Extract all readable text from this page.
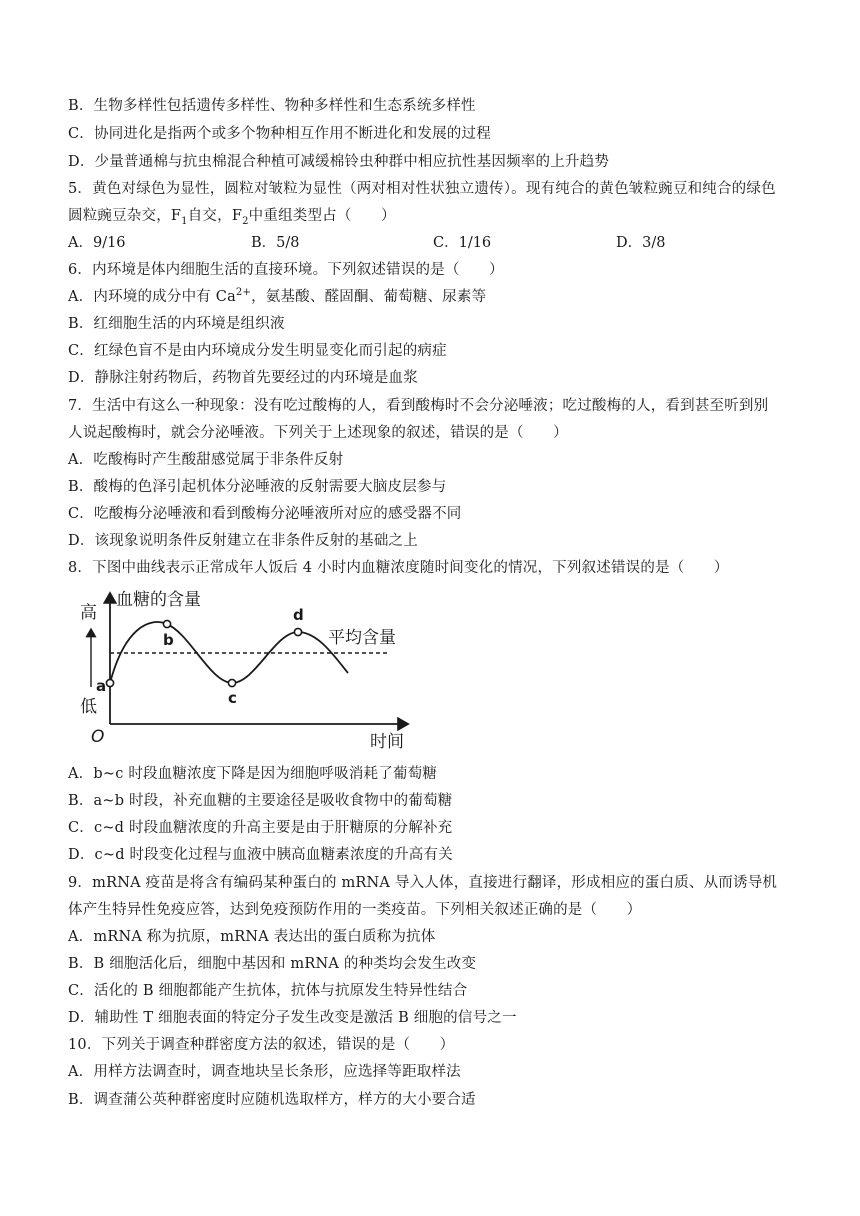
B．生物多样性包括遗传多样性、物种多样性和生态系统多样性
C．协同进化是指两个或多个物种相互作用不断进化和发展的过程
D．少量普通棉与抗虫棉混合种植可减缓棉铃虫种群中相应抗性基因频率的上升趋势
5．黄色对绿色为显性，圆粒对皱粒为显性（两对相对性状独立遗传）。现有纯合的黄色皱粒豌豆和纯合的绿色
圆粒豌豆杂交，$F_1$自交，$F_2$中重组类型占（　　）
A．9/16	B．5/8	C．1/16	D．3/8
6．内环境是体内细胞生活的直接环境。下列叙述错误的是（　　）
A．内环境的成分中有 $Ca^{2+}$，氨基酸、醛固酮、葡萄糖、尿素等
B．红细胞生活的内环境是组织液
C．红绿色盲不是由内环境成分发生明显变化而引起的病症
D．静脉注射药物后，药物首先要经过的内环境是血浆
7．生活中有这么一种现象：没有吃过酸梅的人，看到酸梅时不会分泌唾液；吃过酸梅的人，看到甚至听到别
人说起酸梅时，就会分泌唾液。下列关于上述现象的叙述，错误的是（　　）
A．吃酸梅时产生酸甜感觉属于非条件反射
B．酸梅的色泽引起机体分泌唾液的反射需要大脑皮层参与
C．吃酸梅分泌唾液和看到酸梅分泌唾液所对应的感受器不同
D．该现象说明条件反射建立在非条件反射的基础之上
8．下图中曲线表示正常成年人饭后 4 小时内血糖浓度随时间变化的情况，下列叙述错误的是（　　）
血糖的含量
高
低
O	时间
平均含量
a
b
c
d
A．b~c 时段血糖浓度下降是因为细胞呼吸消耗了葡萄糖
B．a~b 时段，补充血糖的主要途径是吸收食物中的葡萄糖
C．c~d 时段血糖浓度的升高主要是由于肝糖原的分解补充
D．c~d 时段变化过程与血液中胰高血糖素浓度的升高有关
9．mRNA 疫苗是将含有编码某种蛋白的 mRNA 导入人体，直接进行翻译，形成相应的蛋白质、从而诱导机
体产生特异性免疫应答，达到免疫预防作用的一类疫苗。下列相关叙述正确的是（　　）
A．mRNA 称为抗原，mRNA 表达出的蛋白质称为抗体
B．B 细胞活化后，细胞中基因和 mRNA 的种类均会发生改变
C．活化的 B 细胞都能产生抗体，抗体与抗原发生特异性结合
D．辅助性 T 细胞表面的特定分子发生改变是激活 B 细胞的信号之一
10．下列关于调查种群密度方法的叙述，错误的是（　　）
A．用样方法调查时，调查地块呈长条形，应选择等距取样法
B．调查蒲公英种群密度时应随机选取样方，样方的大小要合适
